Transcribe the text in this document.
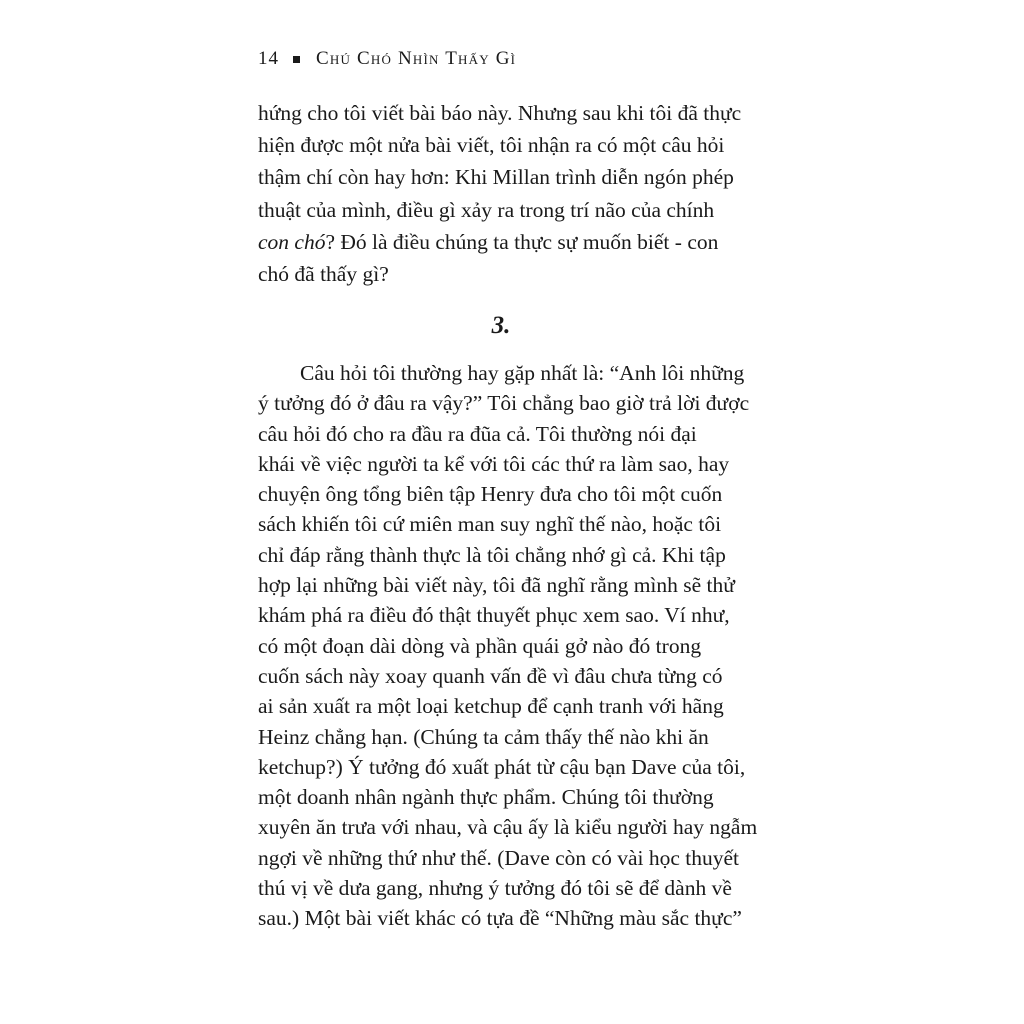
14 Chú Chó Nhìn Thấy Gì

hứng cho tôi viết bài báo này. Nhưng sau khi tôi đã thực
hiện được một nửa bài viết, tôi nhận ra có một câu hỏi
thậm chí còn hay hơn: Khi Millan trình diễn ngón phép
thuật của mình, điều gì xảy ra trong trí não của chính
con chó? Đó là điều chúng ta thực sự muốn biết - con
chó đã thấy gì?

3.

Câu hỏi tôi thường hay gặp nhất là: “Anh lôi những
ý tưởng đó ở đâu ra vậy?” Tôi chẳng bao giờ trả lời được
câu hỏi đó cho ra đầu ra đũa cả. Tôi thường nói đại
khái về việc người ta kể với tôi các thứ ra làm sao, hay
chuyện ông tổng biên tập Henry đưa cho tôi một cuốn
sách khiến tôi cứ miên man suy nghĩ thế nào, hoặc tôi
chỉ đáp rằng thành thực là tôi chẳng nhớ gì cả. Khi tập
hợp lại những bài viết này, tôi đã nghĩ rằng mình sẽ thử
khám phá ra điều đó thật thuyết phục xem sao. Ví như,
có một đoạn dài dòng và phần quái gở nào đó trong
cuốn sách này xoay quanh vấn đề vì đâu chưa từng có
ai sản xuất ra một loại ketchup để cạnh tranh với hãng
Heinz chẳng hạn. (Chúng ta cảm thấy thế nào khi ăn
ketchup?) Ý tưởng đó xuất phát từ cậu bạn Dave của tôi,
một doanh nhân ngành thực phẩm. Chúng tôi thường
xuyên ăn trưa với nhau, và cậu ấy là kiểu người hay ngẫm
ngợi về những thứ như thế. (Dave còn có vài học thuyết
thú vị về dưa gang, nhưng ý tưởng đó tôi sẽ để dành về
sau.) Một bài viết khác có tựa đề “Những màu sắc thực”
